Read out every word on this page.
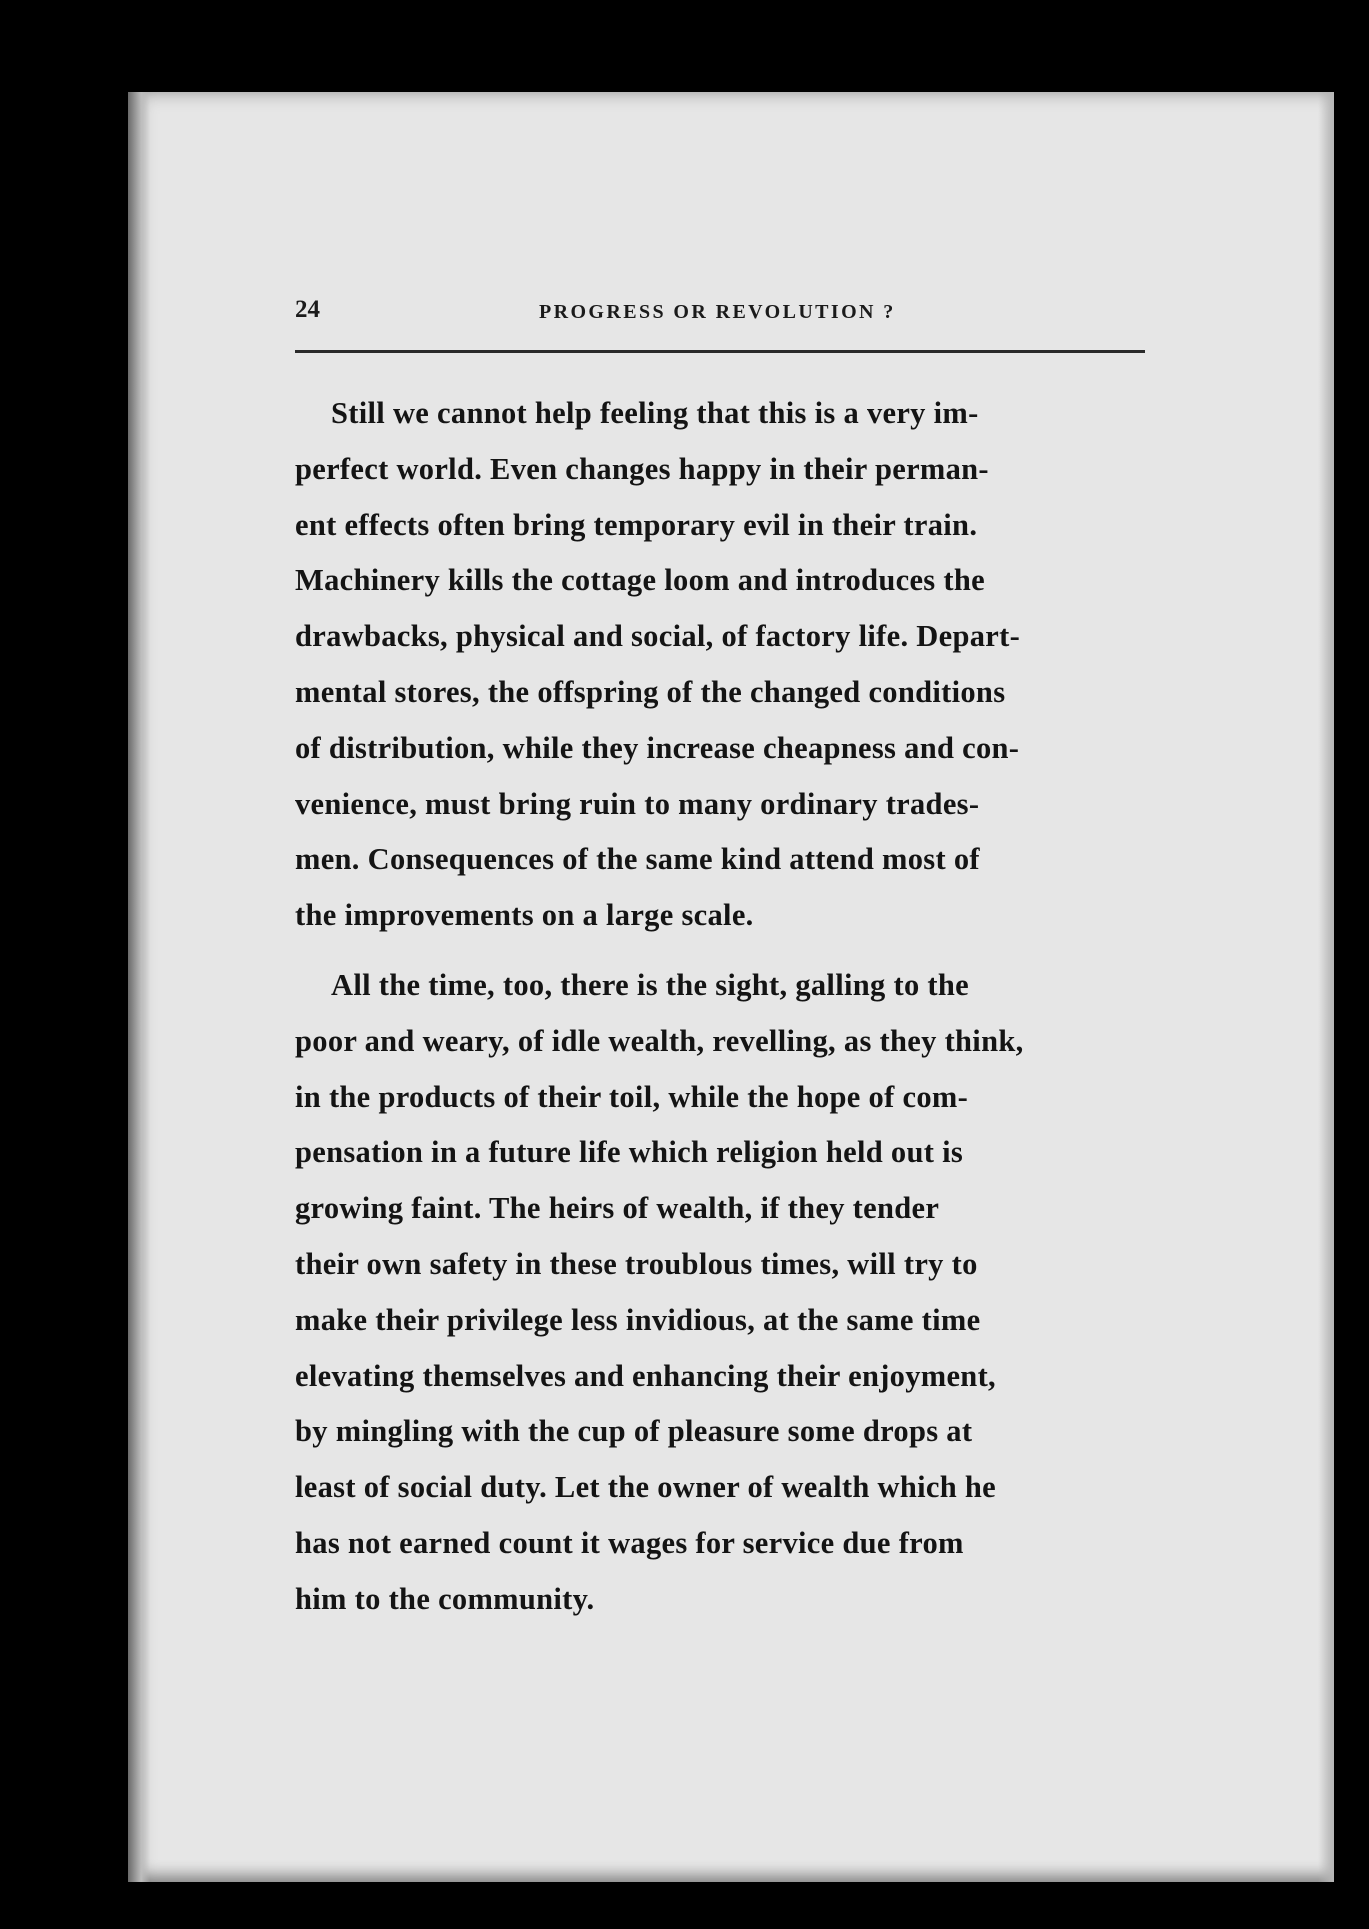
24	PROGRESS OR REVOLUTION ?

Still we cannot help feeling that this is a very im-
perfect world. Even changes happy in their perman-
ent effects often bring temporary evil in their train.
Machinery kills the cottage loom and introduces the
drawbacks, physical and social, of factory life. Depart-
mental stores, the offspring of the changed conditions
of distribution, while they increase cheapness and con-
venience, must bring ruin to many ordinary trades-
men. Consequences of the same kind attend most of
the improvements on a large scale.

All the time, too, there is the sight, galling to the
poor and weary, of idle wealth, revelling, as they think,
in the products of their toil, while the hope of com-
pensation in a future life which religion held out is
growing faint. The heirs of wealth, if they tender
their own safety in these troublous times, will try to
make their privilege less invidious, at the same time
elevating themselves and enhancing their enjoyment,
by mingling with the cup of pleasure some drops at
least of social duty. Let the owner of wealth which he
has not earned count it wages for service due from
him to the community.
